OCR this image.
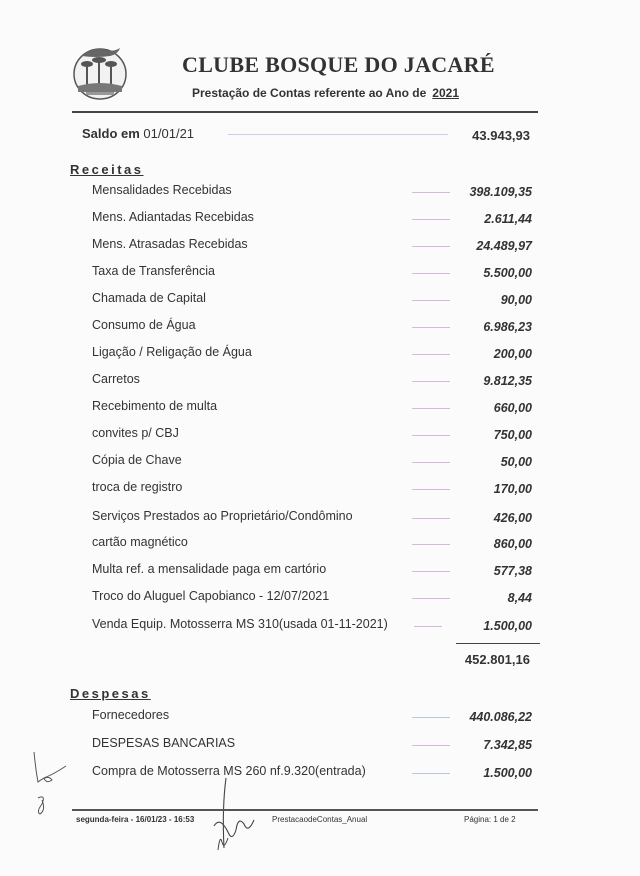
CLUBE BOSQUE DO JACARÉ
Prestação de Contas referente ao Ano de 2021
Saldo em 01/01/21	43.943,93
Receitas
Mensalidades Recebidas	398.109,35
Mens. Adiantadas Recebidas	2.611,44
Mens. Atrasadas Recebidas	24.489,97
Taxa de Transferência	5.500,00
Chamada de Capital	90,00
Consumo de Água	6.986,23
Ligação / Religação de Água	200,00
Carretos	9.812,35
Recebimento de multa	660,00
convites p/ CBJ	750,00
Cópia de Chave	50,00
troca de registro	170,00
Serviços Prestados ao Proprietário/Condômino	426,00
cartão magnético	860,00
Multa ref. a mensalidade paga em cartório	577,38
Troco do Aluguel Capobianco - 12/07/2021	8,44
Venda Equip. Motosserra MS 310(usada 01-11-2021)	1.500,00
452.801,16
Despesas
Fornecedores	440.086,22
DESPESAS BANCARIAS	7.342,85
Compra de Motosserra MS 260 nf.9.320(entrada)	1.500,00
segunda-feira - 16/01/23 - 16:53	PrestacaodeContas_Anual	Página: 1 de 2
